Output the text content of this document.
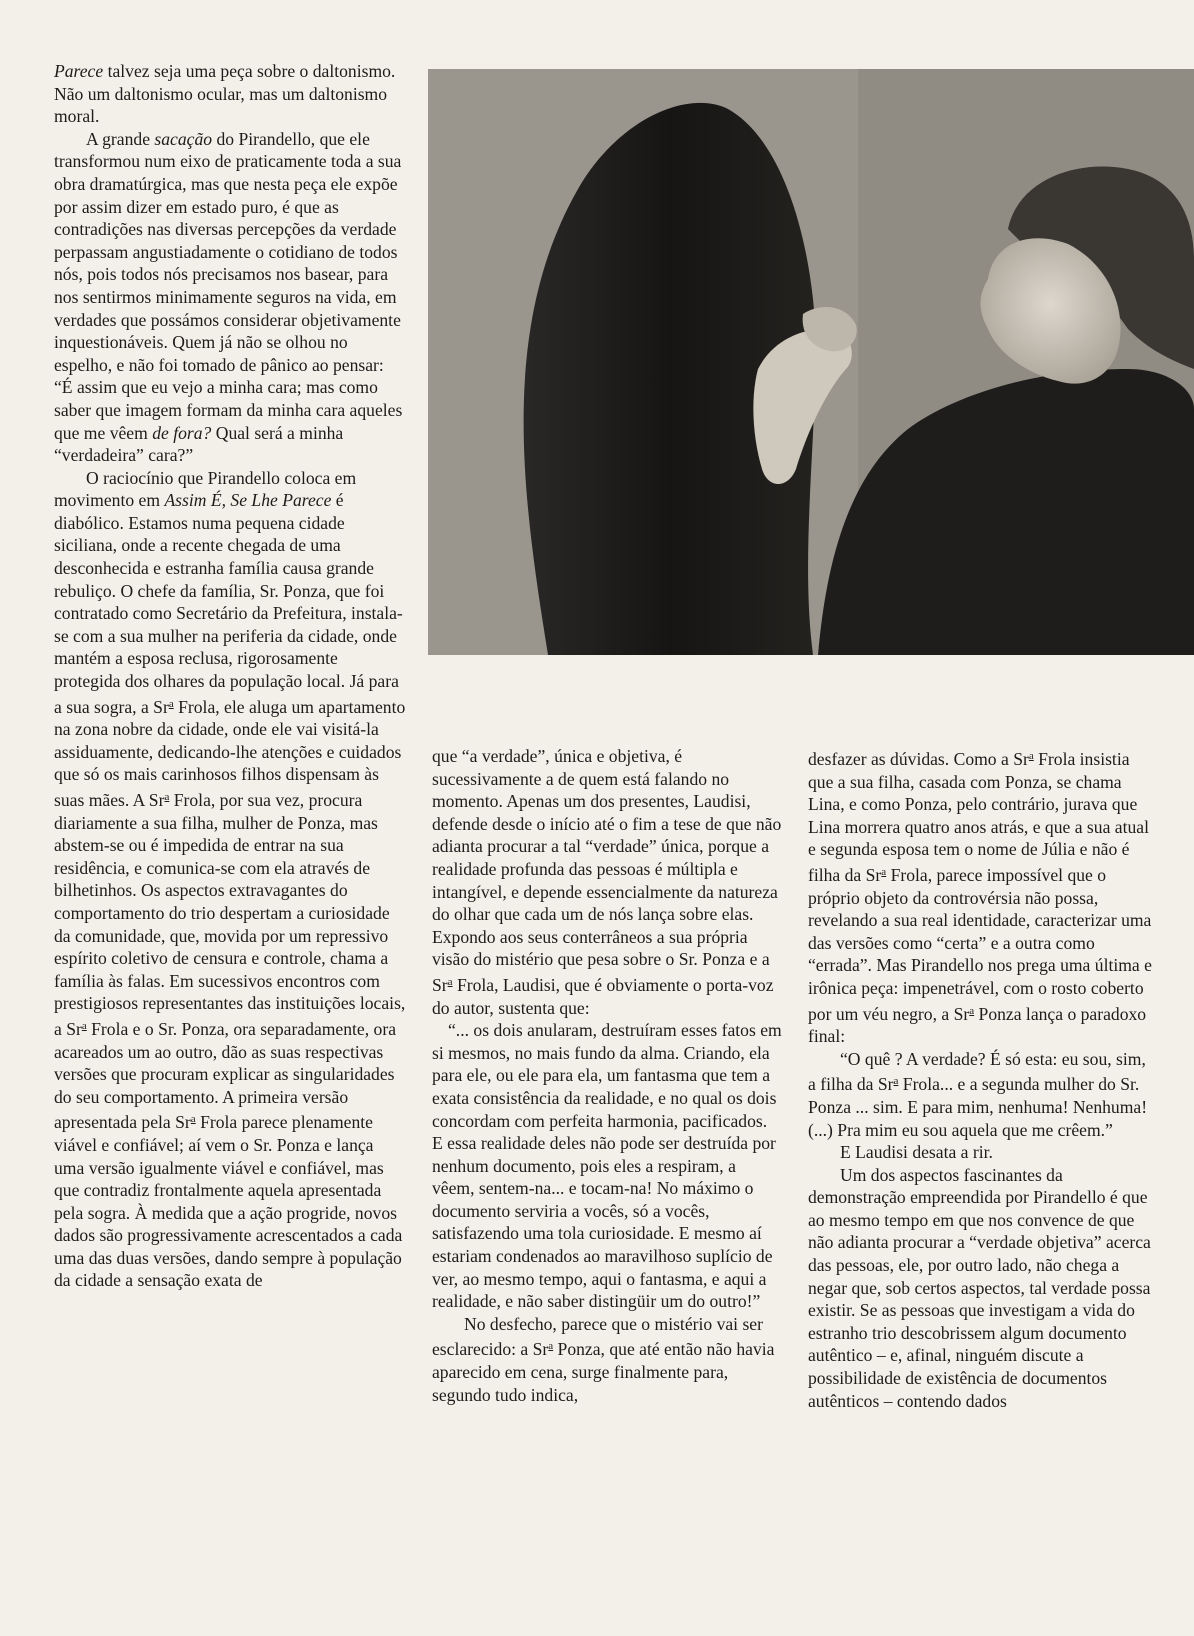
Parece talvez seja uma peça sobre o daltonismo. Não um daltonismo ocular, mas um daltonismo moral.

A grande sacação do Pirandello, que ele transformou num eixo de praticamente toda a sua obra dramatúrgica, mas que nesta peça ele expõe por assim dizer em estado puro, é que as contradições nas diversas percepções da verdade perpassam angustiadamente o cotidiano de todos nós, pois todos nós precisamos nos basear, para nos sentirmos minimamente seguros na vida, em verdades que possámos considerar objetivamente inquestionáveis. Quem já não se olhou no espelho, e não foi tomado de pânico ao pensar: “É assim que eu vejo a minha cara; mas como saber que imagem formam da minha cara aqueles que me vêem de fora? Qual será a minha “verdadeira” cara?”

O raciocínio que Pirandello coloca em movimento em Assim É, Se Lhe Parece é diabólico. Estamos numa pequena cidade siciliana, onde a recente chegada de uma desconhecida e estranha família causa grande rebuliço. O chefe da família, Sr. Ponza, que foi contratado como Secretário da Prefeitura, instala-se com a sua mulher na periferia da cidade, onde mantém a esposa reclusa, rigorosamente protegida dos olhares da população local. Já para a sua sogra, a Sr$^a$ Frola, ele aluga um apartamento na zona nobre da cidade, onde ele vai visitá-la assiduamente, dedicando-lhe atenções e cuidados que só os mais carinhosos filhos dispensam às suas mães. A Sr$^a$ Frola, por sua vez, procura diariamente a sua filha, mulher de Ponza, mas abstem-se ou é impedida de entrar na sua residência, e comunica-se com ela através de bilhetinhos. Os aspectos extravagantes do comportamento do trio despertam a curiosidade da comunidade, que, movida por um repressivo espírito coletivo de censura e controle, chama a família às falas. Em sucessivos encontros com prestigiosos representantes das instituições locais, a Sr$^a$ Frola e o Sr. Ponza, ora separadamente, ora acareados um ao outro, dão as suas respectivas versões que procuram explicar as singularidades do seu comportamento. A primeira versão apresentada pela Sr$^a$ Frola parece plenamente viável e confiável; aí vem o Sr. Ponza e lança uma versão igualmente viável e confiável, mas que contradiz frontalmente aquela apresentada pela sogra. À medida que a ação progride, novos dados são progressivamente acrescentados a cada uma das duas versões, dando sempre à população da cidade a sensação exata de

que “a verdade”, única e objetiva, é sucessivamente a de quem está falando no momento. Apenas um dos presentes, Laudisi, defende desde o início até o fim a tese de que não adianta procurar a tal “verdade” única, porque a realidade profunda das pessoas é múltipla e intangível, e depende essencialmente da natureza do olhar que cada um de nós lança sobre elas. Expondo aos seus conterrâneos a sua própria visão do mistério que pesa sobre o Sr. Ponza e a Sr$^a$ Frola, Laudisi, que é obviamente o porta-voz do autor, sustenta que:

“... os dois anularam, destruíram esses fatos em si mesmos, no mais fundo da alma. Criando, ela para ele, ou ele para ela, um fantasma que tem a exata consistência da realidade, e no qual os dois concordam com perfeita harmonia, pacificados. E essa realidade deles não pode ser destruída por nenhum documento, pois eles a respiram, a vêem, sentem-na... e tocam-na! No máximo o documento serviria a vocês, só a vocês, satisfazendo uma tola curiosidade. E mesmo aí estariam condenados ao maravilhoso suplício de ver, ao mesmo tempo, aqui o fantasma, e aqui a realidade, e não saber distingüir um do outro!”

No desfecho, parece que o mistério vai ser esclarecido: a Sr$^a$ Ponza, que até então não havia aparecido em cena, surge finalmente para, segundo tudo indica,

desfazer as dúvidas. Como a Sr$^a$ Frola insistia que a sua filha, casada com Ponza, se chama Lina, e como Ponza, pelo contrário, jurava que Lina morrera quatro anos atrás, e que a sua atual e segunda esposa tem o nome de Júlia e não é filha da Sr$^a$ Frola, parece impossível que o próprio objeto da controvérsia não possa, revelando a sua real identidade, caracterizar uma das versões como “certa” e a outra como “errada”. Mas Pirandello nos prega uma última e irônica peça: impenetrável, com o rosto coberto por um véu negro, a Sr$^a$ Ponza lança o paradoxo final:

“O quê ? A verdade? É só esta: eu sou, sim, a filha da Sr$^a$ Frola... e a segunda mulher do Sr. Ponza ... sim. E para mim, nenhuma! Nenhuma!

(...) Pra mim eu sou aquela que me crêem.”

E Laudisi desata a rir.

Um dos aspectos fascinantes da demonstração empreendida por Pirandello é que ao mesmo tempo em que nos convence de que não adianta procurar a “verdade objetiva” acerca das pessoas, ele, por outro lado, não chega a negar que, sob certos aspectos, tal verdade possa existir. Se as pessoas que investigam a vida do estranho trio descobrissem algum documento autêntico – e, afinal, ninguém discute a possibilidade de existência de documentos autênticos – contendo dados
